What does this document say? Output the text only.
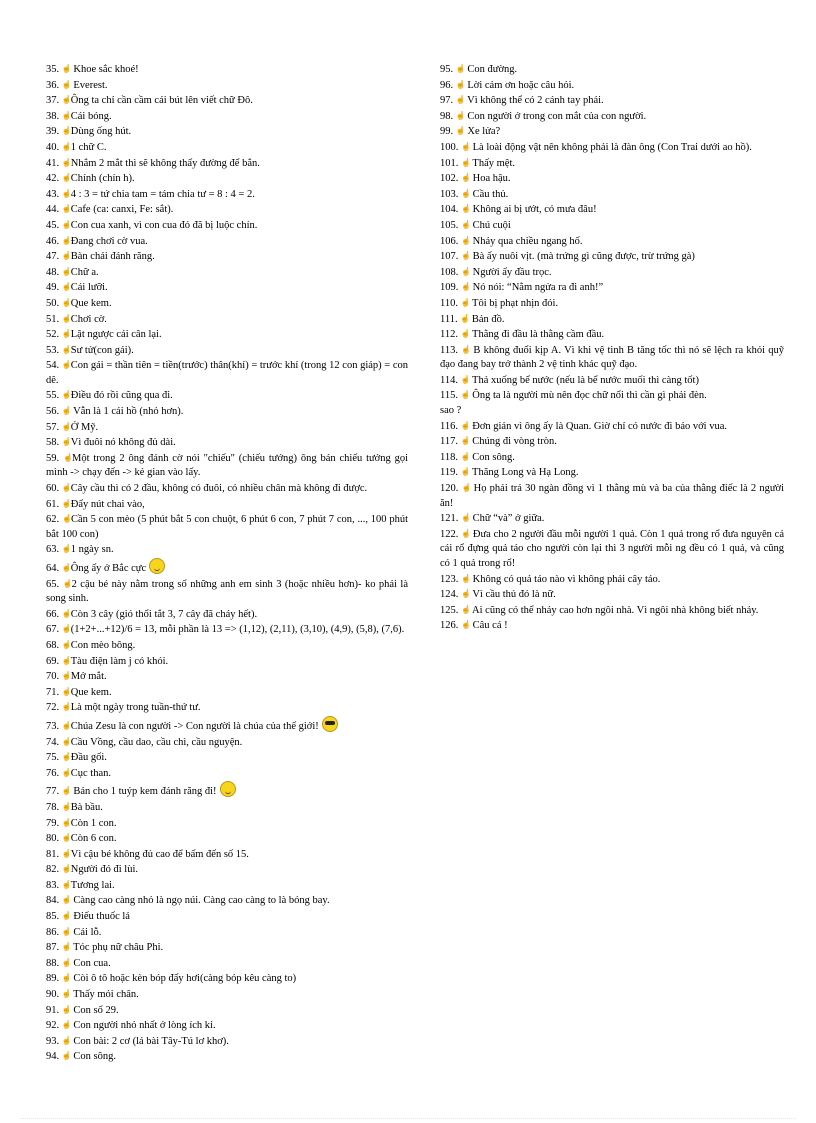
35. ☝ Khoe sắc khoé!
36. ☝ Everest.
37. ☝Ông ta chỉ cần cầm cái bút lên viết chữ Đô.
38. ☝Cái bóng.
39. ☝Dùng ống hút.
40. ☝1 chữ C.
41. ☝Nhắm 2 mắt thì sẽ không thấy đường để bắn.
42. ☝Chính (chín h).
43. ☝4 : 3 = tứ chia tam = tám chia tư = 8 : 4 = 2.
44. ☝Cafe (ca: canxi, Fe: sắt).
45. ☝Con cua xanh, vì con cua đỏ đã bị luộc chín.
46. ☝Đang chơi cờ vua.
47. ☝Bàn chải đánh răng.
48. ☝Chữ a.
49. ☝Cái lưỡi.
50. ☝Que kem.
51. ☝Chơi cờ.
52. ☝Lật ngược cái cân lại.
53. ☝Sư tử(con gái).
54. ☝Con gái = thần tiên = tiền(trước) thân(khỉ) = trước khỉ (trong 12 con giáp) = con dê.
55. ☝Điều đó rồi cũng qua đi.
56. ☝ Vẫn là 1 cái hồ (nhỏ hơn).
57. ☝Ở Mỹ.
58. ☝Vì đuôi nó không đủ dài.
59. ☝Một trong 2 ông đánh cờ nói "chiếu" (chiếu tướng) ông bán chiếu tưởng gọi mình -> chạy đến -> kẻ gian vào lấy.
60. ☝Cây cầu thì có 2 đầu, không có đuôi, có nhiều chân mà không đi được.
61. ☝Đẩy nút chai vào,
62. ☝Cần 5 con mèo (5 phút bắt 5 con chuột, 6 phút 6 con, 7 phút 7 con, ..., 100 phút bắt 100 con)
63. ☝1 ngày sn.
64. ☝Ông ấy ở Bắc cực
65. ☝2 cậu bé này nằm trong số những anh em sinh 3 (hoặc nhiều hơn)- ko phải là song sinh.
66. ☝Còn 3 cây (gió thổi tắt 3, 7 cây đã cháy hết).
67. ☝(1+2+...+12)/6 = 13, mỗi phần là 13 => (1,12), (2,11), (3,10), (4,9), (5,8), (7,6).
68. ☝Con mèo bông.
69. ☝Tàu điện làm j có khói.
70. ☝Mở mắt.
71. ☝Que kem.
72. ☝Là một ngày trong tuần-thứ tư.
73. ☝Chúa Zesu là con người -> Con người là chúa của thế giới!
74. ☝Cầu Vồng, cầu dao, cầu chì, cầu nguyện.
75. ☝Đầu gối.
76. ☝Cục than.
77. ☝ Bán cho 1 tuýp kem đánh răng đi!
78. ☝Bà bầu.
79. ☝Còn 1 con.
80. ☝Còn 6 con.
81. ☝Vì cậu bé không đủ cao để bấm đến số 15.
82. ☝Người đó đi lùi.
83. ☝Tương lai.
84. ☝ Càng cao càng nhỏ là ngọ núi. Càng cao càng to là bóng bay.
85. ☝ Điếu thuốc lá
86. ☝ Cái lỗ.
87. ☝ Tóc phụ nữ châu Phi.
88. ☝ Con cua.
89. ☝ Còi ô tô hoặc kèn bóp đẩy hơi(càng bóp kêu càng to)
90. ☝ Thấy mỏi chân.
91. ☝ Con số 29.
92. ☝ Con người nhỏ nhất ở lòng ích kỉ.
93. ☝ Con bài: 2 cơ (lá bài Tây-Tú lơ khơ).
94. ☝ Con sông.
95. ☝ Con đường.
96. ☝ Lời cảm ơn hoặc câu hỏi.
97. ☝ Vì không thể có 2 cánh tay phải.
98. ☝ Con người ở trong con mắt của con người.
99. ☝ Xe lửa?
100. ☝ Là loài động vật nên không phải là đàn ông (Con Trai dưới ao hồ).
101. ☝ Thấy mệt.
102. ☝ Hoa hậu.
103. ☝ Cầu thủ.
104. ☝ Không ai bị ướt, có mưa đâu!
105. ☝ Chú cuội
106. ☝ Nhảy qua chiều ngang hố.
107. ☝ Bà ấy nuôi vịt. (mà trứng gì cũng được, trừ trứng gà)
108. ☝ Người ấy đầu trọc.
109. ☝ Nó nói: “Nằm ngửa ra đi anh!”
110. ☝ Tôi bị phạt nhịn đói.
111. ☝ Bản đồ.
112. ☝ Thằng đi đầu là thằng cầm đầu.
113. ☝ B không đuổi kịp A. Vì khi vệ tinh B tăng tốc thì nó sẽ lệch ra khỏi quỹ đạo đang bay trở thành 2 vệ tinh khác quỹ đạo.
114. ☝ Thả xuống bể nước (nếu là bể nước muối thì càng tốt)
115. ☝ Ông ta là người mù nên đọc chữ nổi thì cần gì phải đèn.
sao ?
116. ☝ Đơn giản vì ông ấy là Quan. Giờ chỉ có nước đi báo với vua.
117. ☝ Chúng đi vòng tròn.
118. ☝ Con sông.
119. ☝ Thăng Long và Hạ Long.
120. ☝ Họ phải trả 30 ngàn đồng vì 1 thằng mù và ba của thằng điếc là 2 người ăn!
121. ☝ Chữ “và” ở giữa.
122. ☝ Đưa cho 2 người đầu mỗi người 1 quả. Còn 1 quả trong rổ đưa nguyên cả cái rổ đựng quả táo cho người còn lại thì 3 người mỗi ng đều có 1 quả, và cũng có 1 quả trong rổ!
123. ☝ Không có quả táo nào vì không phải cây táo.
124. ☝ Vì cầu thủ đó là nữ.
125. ☝ Ai cũng có thể nhảy cao hơn ngôi nhà. Vì ngôi nhà không biết nhảy.
126. ☝ Câu cá !
